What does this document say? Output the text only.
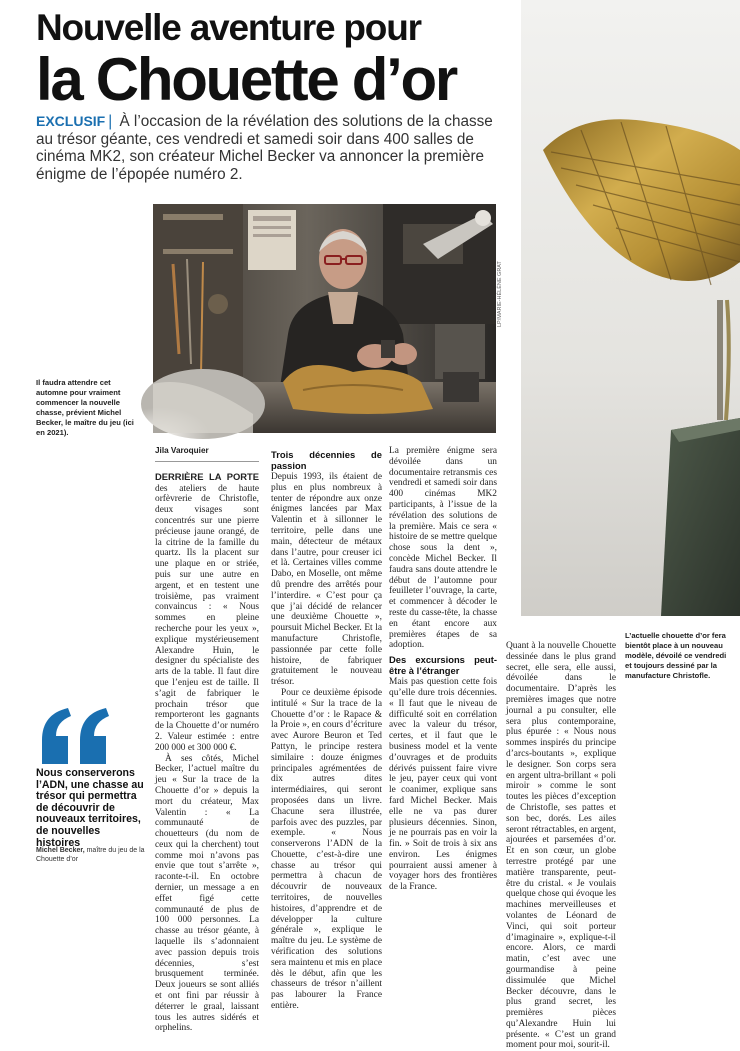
Nouvelle aventure pour
la Chouette d’or

EXCLUSIF | À l’occasion de la révélation des solutions de la chasse au trésor géante, ces vendredi et samedi soir dans 400 salles de cinéma MK2, son créateur Michel Becker va annoncer la première énigme de l’épopée numéro 2.

LP/MARIE-HÉLÈNE GRAT
Il faudra attendre cet automne pour vraiment commencer la nouvelle chasse, prévient Michel Becker, le maître du jeu (ici en 2021).
L’actuelle chouette d’or fera bientôt place à un nouveau modèle, dévoilé ce vendredi et toujours dessiné par la manufacture Christofle.
Jila Varoquier

DERRIÈRE LA PORTE des ateliers de haute orfèvrerie de Christofle, deux visages sont concentrés sur une pierre précieuse jaune orangé, de la citrine de la famille du quartz. Ils la placent sur une plaque en or striée, puis sur une autre en argent, et en testent une troisième, pas vraiment convaincus : « Nous sommes en pleine recherche pour les yeux », explique mystérieusement Alexandre Huin, le designer du spécialiste des arts de la table. Il faut dire que l’enjeu est de taille. Il s’agit de fabriquer le prochain trésor que remporteront les gagnants de la Chouette d’or numéro 2. Valeur estimée : entre 200 000 et 300 000 €.

À ses côtés, Michel Becker, l’actuel maître du jeu « Sur la trace de la Chouette d’or » depuis la mort du créateur, Max Valentin : « La communauté de chouetteurs (du nom de ceux qui la cherchent) tout comme moi n’avons pas envie que tout s’arrête », raconte-t-il. En octobre dernier, un message a en effet figé cette communauté de plus de 100 000 personnes. La chasse au trésor géante, à laquelle ils s’adonnaient avec passion depuis trois décennies, s’est brusquement terminée. Deux joueurs se sont alliés et ont fini par réussir à déterrer le graal, laissant tous les autres sidérés et orphelins.

Trois décennies de passion

Depuis 1993, ils étaient de plus en plus nombreux à tenter de répondre aux onze énigmes lancées par Max Valentin et à sillonner le territoire, pelle dans une main, détecteur de métaux dans l’autre, pour creuser ici et là. Certaines villes comme Dabo, en Moselle, ont même dû prendre des arrêtés pour l’interdire. « C’est pour ça que j’ai décidé de relancer une deuxième Chouette », poursuit Michel Becker. Et la manufacture Christofle, passionnée par cette folle histoire, de fabriquer gratuitement le nouveau trésor.

Pour ce deuxième épisode intitulé « Sur la trace de la Chouette d’or : le Rapace & la Proie », en cours d’écriture avec Aurore Beuron et Ted Pattyn, le principe restera similaire : douze énigmes principales agrémentées de dix autres dites intermédiaires, qui seront proposées dans un livre. Chacune sera illustrée, parfois avec des puzzles, par exemple. « Nous conserverons l’ADN de la Chouette, c’est-à-dire une chasse au trésor qui permettra à chacun de découvrir de nouveaux territoires, de nouvelles histoires, d’apprendre et de développer la culture générale », explique le maître du jeu. Le système de vérification des solutions sera maintenu et mis en place dès le début, afin que les chasseurs de trésor n’aillent pas labourer la France entière.

La première énigme sera dévoilée dans un documentaire retransmis ces vendredi et samedi soir dans 400 cinémas MK2 participants, à l’issue de la révélation des solutions de la première. Mais ce sera « histoire de se mettre quelque chose sous la dent », concède Michel Becker. Il faudra sans doute attendre le début de l’automne pour feuilleter l’ouvrage, la carte, et commencer à décoder le reste du casse-tête, la chasse en étant encore aux premières étapes de sa adoption.

Des excursions peut-être à l’étranger

Mais pas question cette fois qu’elle dure trois décennies. « Il faut que le niveau de difficulté soit en corrélation avec la valeur du trésor, certes, et il faut que le business model et la vente d’ouvrages et de produits dérivés puissent faire vivre le jeu, payer ceux qui vont le coanimer, explique sans fard Michel Becker. Mais elle ne va pas durer plusieurs décennies. Sinon, je ne pourrais pas en voir la fin. » Soit de trois à six ans environ. Les énigmes pourraient aussi amener à voyager hors des frontières de la France.

Quant à la nouvelle Chouette dessinée dans le plus grand secret, elle sera, elle aussi, dévoilée dans le documentaire. D’après les premières images que notre journal a pu consulter, elle sera plus contemporaine, plus épurée : « Nous nous sommes inspirés du principe d’arcs-boutants », explique le designer. Son corps sera en argent ultra-brillant « poli miroir » comme le sont toutes les pièces d’exception de Christofle, ses pattes et son bec, dorés. Les ailes seront rétractables, en argent, ajourées et parsemées d’or. Et en son cœur, un globe terrestre protégé par une matière transparente, peut-être du cristal. « Je voulais quelque chose qui évoque les machines merveilleuses et volantes de Léonard de Vinci, qui soit porteur d’imaginaire », explique-t-il encore. Alors, ce mardi matin, c’est avec une gourmandise à peine dissimulée que Michel Becker découvre, dans le plus grand secret, les premières pièces qu’Alexandre Huin lui présente. « C’est un grand moment pour moi, sourit-il.

Nous conserverons l’ADN, une chasse au trésor qui permettra de découvrir de nouveaux territoires, de nouvelles histoires
Michel Becker, maître du jeu de la Chouette d’or
